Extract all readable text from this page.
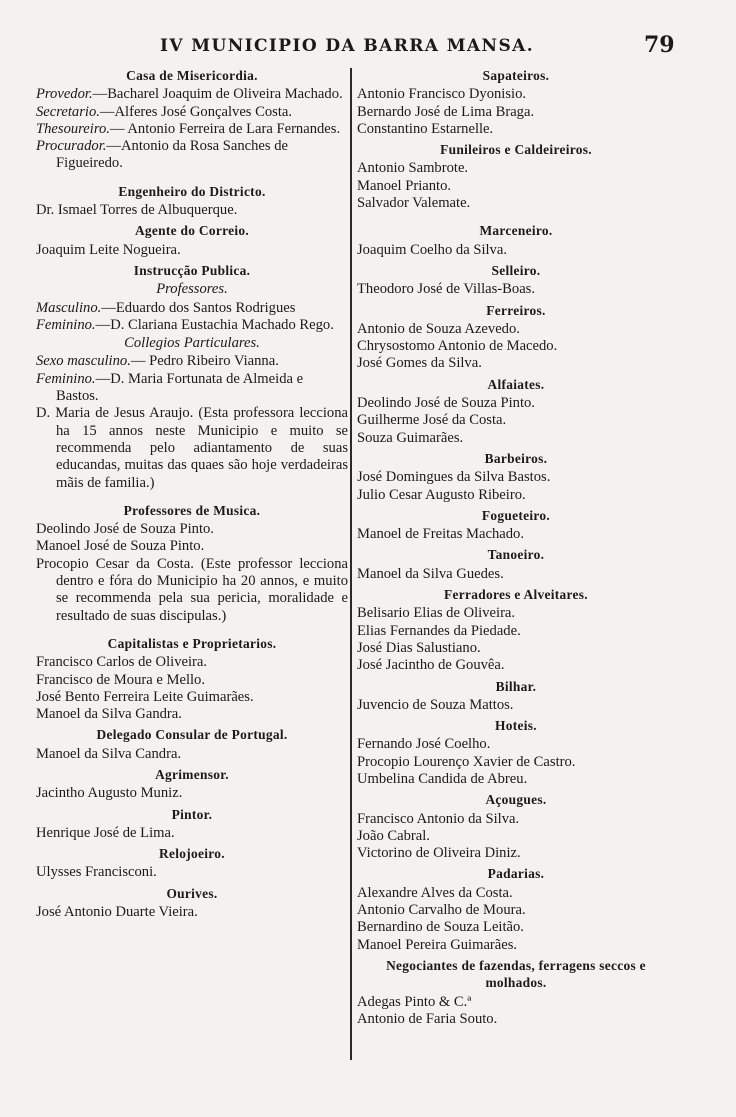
IV MUNICIPIO DA BARRA MANSA.	79
Casa de Misericordia.

Provedor.—Bacharel Joaquim de Oliveira Machado.

Secretario.—Alferes José Gonçalves Costa.

Thesoureiro.— Antonio Ferreira de Lara Fernandes.

Procurador.—Antonio da Rosa Sanches de Figueiredo.

Engenheiro do Districto.

Dr. Ismael Torres de Albuquerque.

Agente do Correio.

Joaquim Leite Nogueira.

Instrucção Publica.
Professores.

Masculino.—Eduardo dos Santos Rodrigues

Feminino.—D. Clariana Eustachia Machado Rego.

Collegios Particulares.

Sexo masculino.— Pedro Ribeiro Vianna.

Feminino.—D. Maria Fortunata de Almeida e Bastos.

D. Maria de Jesus Araujo. (Esta professora lecciona ha 15 annos neste Municipio e muito se recommenda pelo adiantamento de suas educandas, muitas das quaes são hoje verdadeiras mãis de familia.)

Professores de Musica.

Deolindo José de Souza Pinto.

Manoel José de Souza Pinto.

Procopio Cesar da Costa. (Este professor lecciona dentro e fóra do Municipio ha 20 annos, e muito se recommenda pela sua pericia, moralidade e resultado de suas discipulas.)

Capitalistas e Proprietarios.

Francisco Carlos de Oliveira.

Francisco de Moura e Mello.

José Bento Ferreira Leite Guimarães.

Manoel da Silva Gandra.

Delegado Consular de Portugal.

Manoel da Silva Candra.

Agrimensor.

Jacintho Augusto Muniz.

Pintor.

Henrique José de Lima.

Relojoeiro.

Ulysses Francisconi.

Ourives.

José Antonio Duarte Vieira.

Sapateiros.

Antonio Francisco Dyonisio.

Bernardo José de Lima Braga.

Constantino Estarnelle.

Funileiros e Caldeireiros.

Antonio Sambrote.

Manoel Prianto.

Salvador Valemate.

Marceneiro.

Joaquim Coelho da Silva.

Selleiro.

Theodoro José de Villas-Boas.

Ferreiros.

Antonio de Souza Azevedo.

Chrysostomo Antonio de Macedo.

José Gomes da Silva.

Alfaiates.

Deolindo José de Souza Pinto.

Guilherme José da Costa.

Souza Guimarães.

Barbeiros.

José Domingues da Silva Bastos.

Julio Cesar Augusto Ribeiro.

Fogueteiro.

Manoel de Freitas Machado.

Tanoeiro.

Manoel da Silva Guedes.

Ferradores e Alveitares.

Belisario Elias de Oliveira.

Elias Fernandes da Piedade.

José Dias Salustiano.

José Jacintho de Gouvêa.

Bilhar.

Juvencio de Souza Mattos.

Hoteis.

Fernando José Coelho.

Procopio Lourenço Xavier de Castro.

Umbelina Candida de Abreu.

Açougues.

Francisco Antonio da Silva.

João Cabral.

Victorino de Oliveira Diniz.

Padarias.

Alexandre Alves da Costa.

Antonio Carvalho de Moura.

Bernardino de Souza Leitão.

Manoel Pereira Guimarães.

Negociantes de fazendas, ferragens seccos e molhados.

Adegas Pinto & C.ª

Antonio de Faria Souto.
